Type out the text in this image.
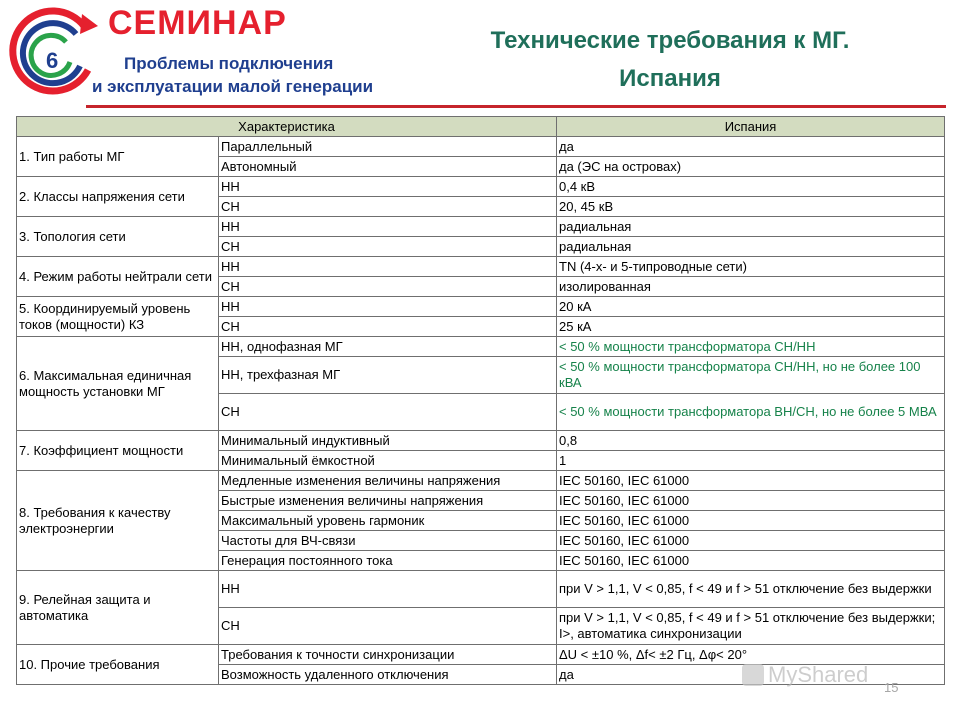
6
СЕМИНАР
Проблемы подключения
и эксплуатации малой генерации
Технические требования к МГ.
Испания
Характеристика		Испания
1. Тип работы МГ	Параллельный	да
	Автономный	да (ЭС на островах)
2. Классы напряжения сети	НН	0,4 кВ
	СН	20, 45 кВ
3. Топология сети	НН	радиальная
	СН	радиальная
4. Режим работы нейтрали сети	НН	TN (4-х- и 5-типроводные сети)
	СН	изолированная
5. Координируемый уровень токов (мощности) КЗ	НН	20 кА
	СН	25 кА
6. Максимальная единичная мощность установки МГ	НН, однофазная МГ	< 50 % мощности трансформатора СН/НН
	НН, трехфазная МГ	< 50 % мощности трансформатора СН/НН, но не более 100 кВА
	СН	< 50 % мощности трансформатора ВН/СН, но не более 5 МВА
7. Коэффициент мощности	Минимальный индуктивный	0,8
	Минимальный ёмкостной	1
8. Требования к качеству электроэнергии	Медленные изменения величины напряжения	IEC 50160, IEC 61000
	Быстрые изменения величины напряжения	IEC 50160, IEC 61000
	Максимальный уровень гармоник	IEC 50160, IEC 61000
	Частоты для ВЧ-связи	IEC 50160, IEC 61000
	Генерация постоянного тока	IEC 50160, IEC 61000
9. Релейная защита и автоматика	НН	при V > 1,1, V < 0,85, f < 49 и f > 51 отключение без выдержки
	СН	при V > 1,1, V < 0,85, f < 49 и f > 51 отключение без выдержки; I>, автоматика синхронизации
10. Прочие требования	Требования к точности синхронизации	ΔU < ±10 %, Δf< ±2 Гц, Δφ< 20°
	Возможность удаленного отключения	да	MyShared
15
